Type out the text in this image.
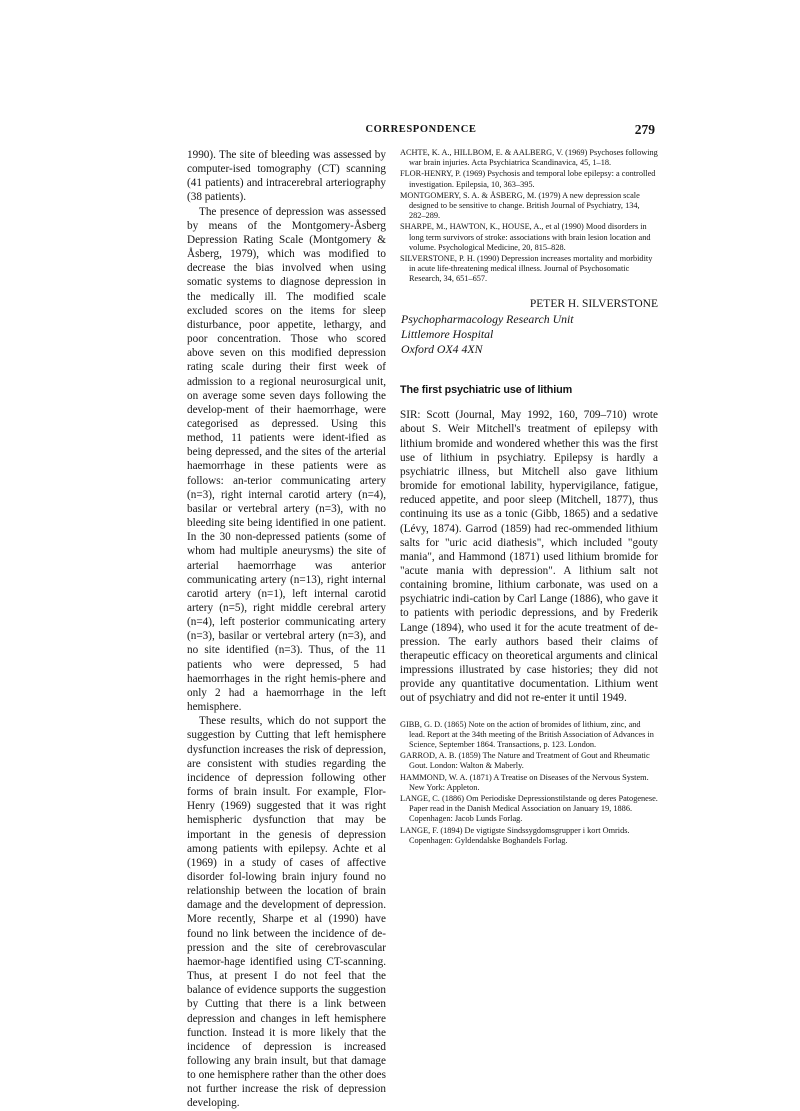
CORRESPONDENCE	279

1990). The site of bleeding was assessed by computer-ised tomography (CT) scanning (41 patients) and intracerebral arteriography (38 patients).

The presence of depression was assessed by means of the Montgomery-Åsberg Depression Rating Scale (Montgomery & Åsberg, 1979), which was modified to decrease the bias involved when using somatic systems to diagnose depression in the medically ill. The modified scale excluded scores on the items for sleep disturbance, poor appetite, lethargy, and poor concentration. Those who scored above seven on this modified depression rating scale during their first week of admission to a regional neurosurgical unit, on average some seven days following the develop-ment of their haemorrhage, were categorised as depressed. Using this method, 11 patients were ident-ified as being depressed, and the sites of the arterial haemorrhage in these patients were as follows: an-terior communicating artery (n=3), right internal carotid artery (n=4), basilar or vertebral artery (n=3), with no bleeding site being identified in one patient. In the 30 non-depressed patients (some of whom had multiple aneurysms) the site of arterial haemorrhage was anterior communicating artery (n=13), right internal carotid artery (n=1), left internal carotid artery (n=5), right middle cerebral artery (n=4), left posterior communicating artery (n=3), basilar or vertebral artery (n=3), and no site identified (n=3). Thus, of the 11 patients who were depressed, 5 had haemorrhages in the right hemis-phere and only 2 had a haemorrhage in the left hemisphere.

These results, which do not support the suggestion by Cutting that left hemisphere dysfunction increases the risk of depression, are consistent with studies regarding the incidence of depression following other forms of brain insult. For example, Flor-Henry (1969) suggested that it was right hemispheric dysfunction that may be important in the genesis of depression among patients with epilepsy. Achte et al (1969) in a study of cases of affective disorder fol-lowing brain injury found no relationship between the location of brain damage and the development of depression. More recently, Sharpe et al (1990) have found no link between the incidence of de-pression and the site of cerebrovascular haemor-hage identified using CT-scanning. Thus, at present I do not feel that the balance of evidence supports the suggestion by Cutting that there is a link between depression and changes in left hemisphere function. Instead it is more likely that the incidence of depression is increased following any brain insult, but that damage to one hemisphere rather than the other does not further increase the risk of depression developing.

ACHTE, K. A., HILLBOM, E. & AALBERG, V. (1969) Psychoses following war brain injuries. Acta Psychiatrica Scandinavica, 45, 1–18.

FLOR-HENRY, P. (1969) Psychosis and temporal lobe epilepsy: a controlled investigation. Epilepsia, 10, 363–395.

MONTGOMERY, S. A. & ÅSBERG, M. (1979) A new depression scale designed to be sensitive to change. British Journal of Psychiatry, 134, 282–289.

SHARPE, M., HAWTON, K., HOUSE, A., et al (1990) Mood disorders in long term survivors of stroke: associations with brain lesion location and volume. Psychological Medicine, 20, 815–828.

SILVERSTONE, P. H. (1990) Depression increases mortality and morbidity in acute life-threatening medical illness. Journal of Psychosomatic Research, 34, 651–657.

PETER H. SILVERSTONE

Psychopharmacology Research Unit
Littlemore Hospital
Oxford OX4 4XN

The first psychiatric use of lithium

SIR: Scott (Journal, May 1992, 160, 709–710) wrote about S. Weir Mitchell's treatment of epilepsy with lithium bromide and wondered whether this was the first use of lithium in psychiatry. Epilepsy is hardly a psychiatric illness, but Mitchell also gave lithium bromide for emotional lability, hypervigilance, fatigue, reduced appetite, and poor sleep (Mitchell, 1877), thus continuing its use as a tonic (Gibb, 1865) and a sedative (Lévy, 1874). Garrod (1859) had rec-ommended lithium salts for "uric acid diathesis", which included "gouty mania", and Hammond (1871) used lithium bromide for "acute mania with depression". A lithium salt not containing bromine, lithium carbonate, was used on a psychiatric indi-cation by Carl Lange (1886), who gave it to patients with periodic depressions, and by Frederik Lange (1894), who used it for the acute treatment of de-pression. The early authors based their claims of therapeutic efficacy on theoretical arguments and clinical impressions illustrated by case histories; they did not provide any quantitative documentation. Lithium went out of psychiatry and did not re-enter it until 1949.

GIBB, G. D. (1865) Note on the action of bromides of lithium, zinc, and lead. Report at the 34th meeting of the British Association of Advances in Science, September 1864. Transactions, p. 123. London.

GARROD, A. B. (1859) The Nature and Treatment of Gout and Rheumatic Gout. London: Walton & Maberly.

HAMMOND, W. A. (1871) A Treatise on Diseases of the Nervous System. New York: Appleton.

LANGE, C. (1886) Om Periodiske Depressionstilstande og deres Patogenese. Paper read in the Danish Medical Association on January 19, 1886. Copenhagen: Jacob Lunds Forlag.

LANGE, F. (1894) De vigtigste Sindssygdomsgrupper i kort Omrids. Copenhagen: Gyldendalske Boghandels Forlag.
